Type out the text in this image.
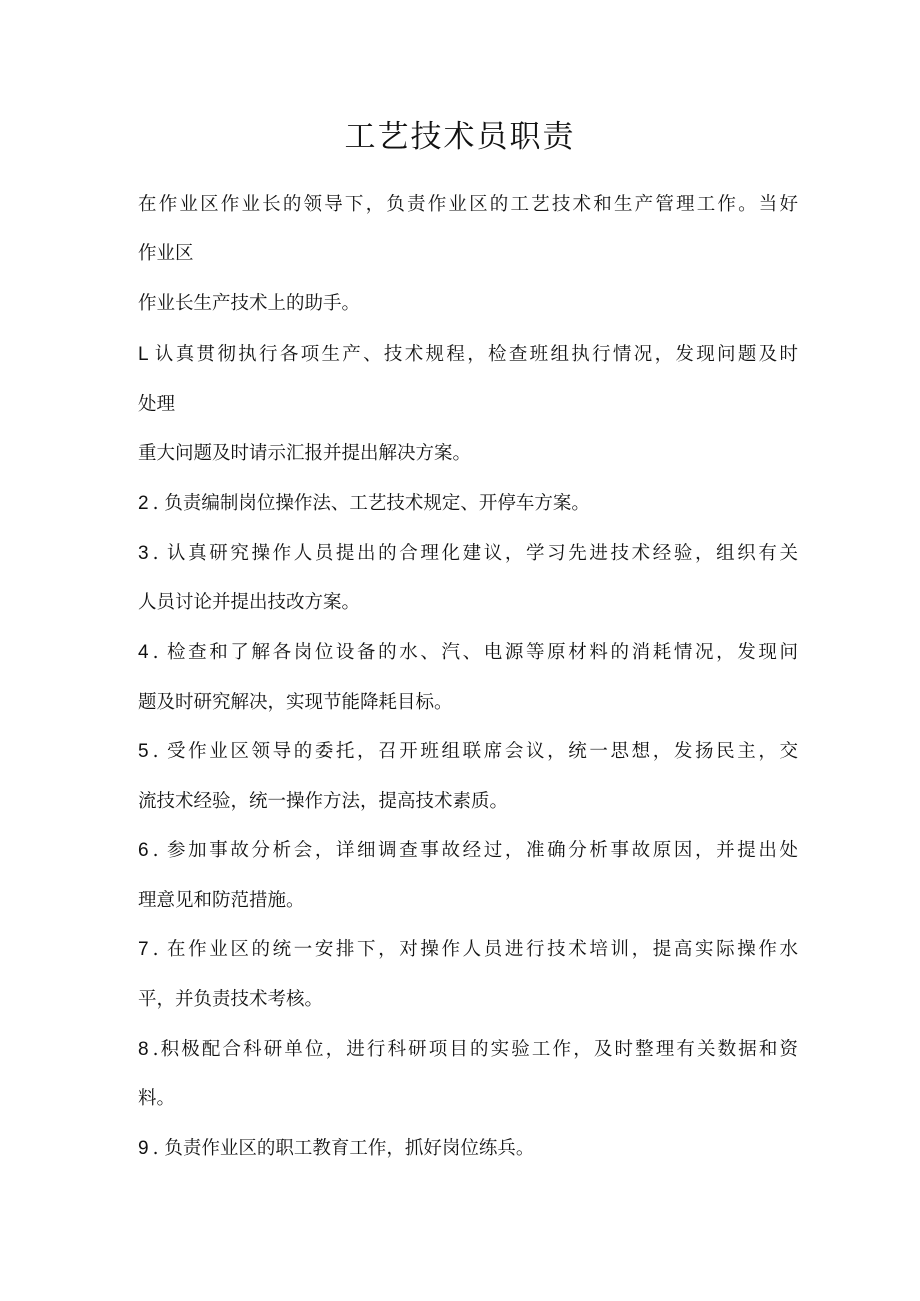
工艺技术员职责
在作业区作业长的领导下，负责作业区的工艺技术和生产管理工作。当好
作业区
作业长生产技术上的助手。
L 认真贯彻执行各项生产、技术规程，检查班组执行情况，发现问题及时
处理
重大问题及时请示汇报并提出解决方案。
2 . 负责编制岗位操作法、工艺技术规定、开停车方案。
3 . 认真研究操作人员提出的合理化建议，学习先进技术经验，组织有关
人员讨论并提出技改方案。
4 . 检查和了解各岗位设备的水、汽、电源等原材料的消耗情况，发现问
题及时研究解决，实现节能降耗目标。
5 . 受作业区领导的委托，召开班组联席会议，统一思想，发扬民主，交
流技术经验，统一操作方法，提高技术素质。
6 . 参加事故分析会，详细调查事故经过，准确分析事故原因，并提出处
理意见和防范措施。
7 . 在作业区的统一安排下，对操作人员进行技术培训，提高实际操作水
平，并负责技术考核。
8 .积极配合科研单位，进行科研项目的实验工作，及时整理有关数据和资
料。
9 . 负责作业区的职工教育工作，抓好岗位练兵。
